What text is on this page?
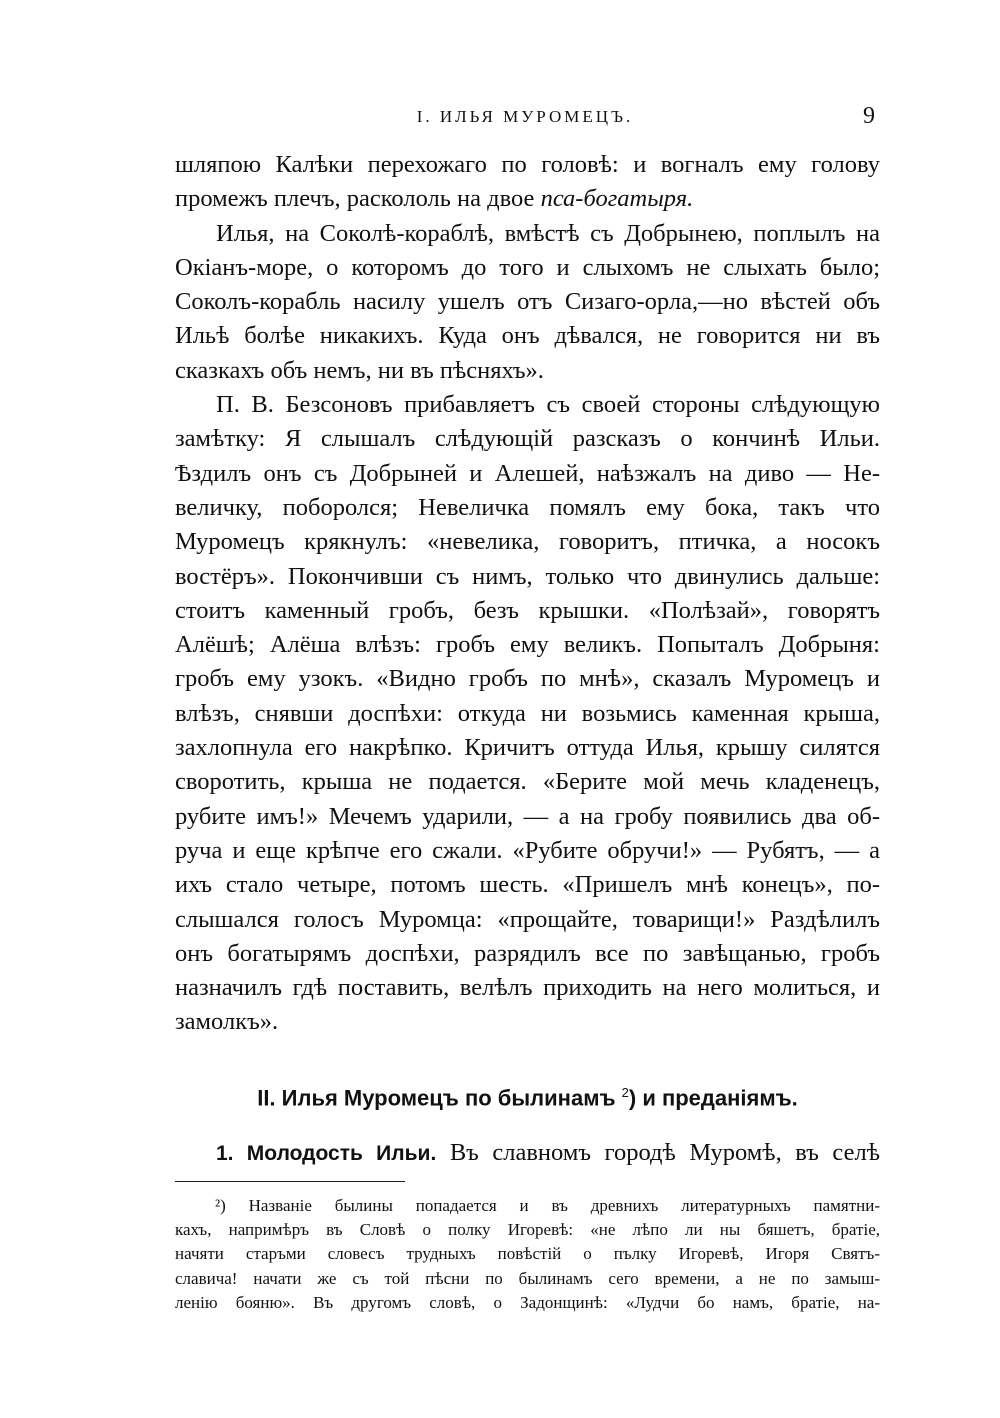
I. ИЛЬЯ МУРОМЕЦЪ.	9

шляпою Калѣки перехожаго по головѣ: и вогналъ ему голову

промежъ плечъ, раскололь на двое пса-богатыря.

Илья, на Соколѣ-кораблѣ, вмѣстѣ съ Добрынею, поплылъ на

Окiанъ-море, о которомъ до того и слыхомъ не слыхать было;

Соколъ-корабль насилу ушелъ отъ Сизаго-орла,—но вѣстей объ

Ильѣ болѣе никакихъ. Куда онъ дѣвался, не говорится ни въ

сказкахъ объ немъ, ни въ пѣсняхъ».

П. В. Безсоновъ прибавляетъ съ своей стороны слѣдующую

замѣтку: Я слышалъ слѣдующiй разсказъ о кончинѣ Ильи.

Ѣздилъ онъ съ Добрыней и Алешей, наѣзжалъ на диво — Не-

величку, поборолся; Невеличка помялъ ему бока, такъ что

Муромецъ крякнулъ: «невелика, говоритъ, птичка, а носокъ

востёръ». Покончивши съ нимъ, только что двинулись дальше:

стоитъ каменный гробъ, безъ крышки. «Полѣзай», говорятъ

Алёшѣ; Алёша влѣзъ: гробъ ему великъ. Попыталъ Добрыня:

гробъ ему узокъ. «Видно гробъ по мнѣ», сказалъ Муромецъ и

влѣзъ, снявши доспѣхи: откуда ни возьмись каменная крыша,

захлопнула его накрѣпко. Кричитъ оттуда Илья, крышу силятся

своротить, крыша не подается. «Берите мой мечь кладенецъ,

рубите имъ!» Мечемъ ударили, — а на гробу появились два об-

руча и еще крѣпче его сжали. «Рубите обручи!» — Рубятъ, — а

ихъ стало четыре, потомъ шесть. «Пришелъ мнѣ конецъ», по-

слышался голосъ Муромца: «прощайте, товарищи!» Раздѣлилъ

онъ богатырямъ доспѣхи, разрядилъ все по завѣщанью, гробъ

назначилъ гдѣ поставить, велѣлъ приходить на него молиться, и

замолкъ».

II. Илья Муромецъ по былинамъ $^2$) и преданiямъ.
1. Молодость Ильи. Въ славномъ городѣ Муромѣ, въ селѣ
²) Названiе былины попадается и въ древнихъ литературныхъ памятни-
кахъ, напримѣръ въ Словѣ о полку Игоревѣ: «не лѣпо ли ны бяшетъ, братiе,
начяти старъми словесъ трудныхъ повѣстiй о пълку Игоревѣ, Игоря Святъ-
славича! начати же съ той пѣсни по былинамъ сего времени, а не по замыш-
ленiю бояню». Въ другомъ словѣ, о Задонщинѣ: «Лудчи бо намъ, братiе, на-
